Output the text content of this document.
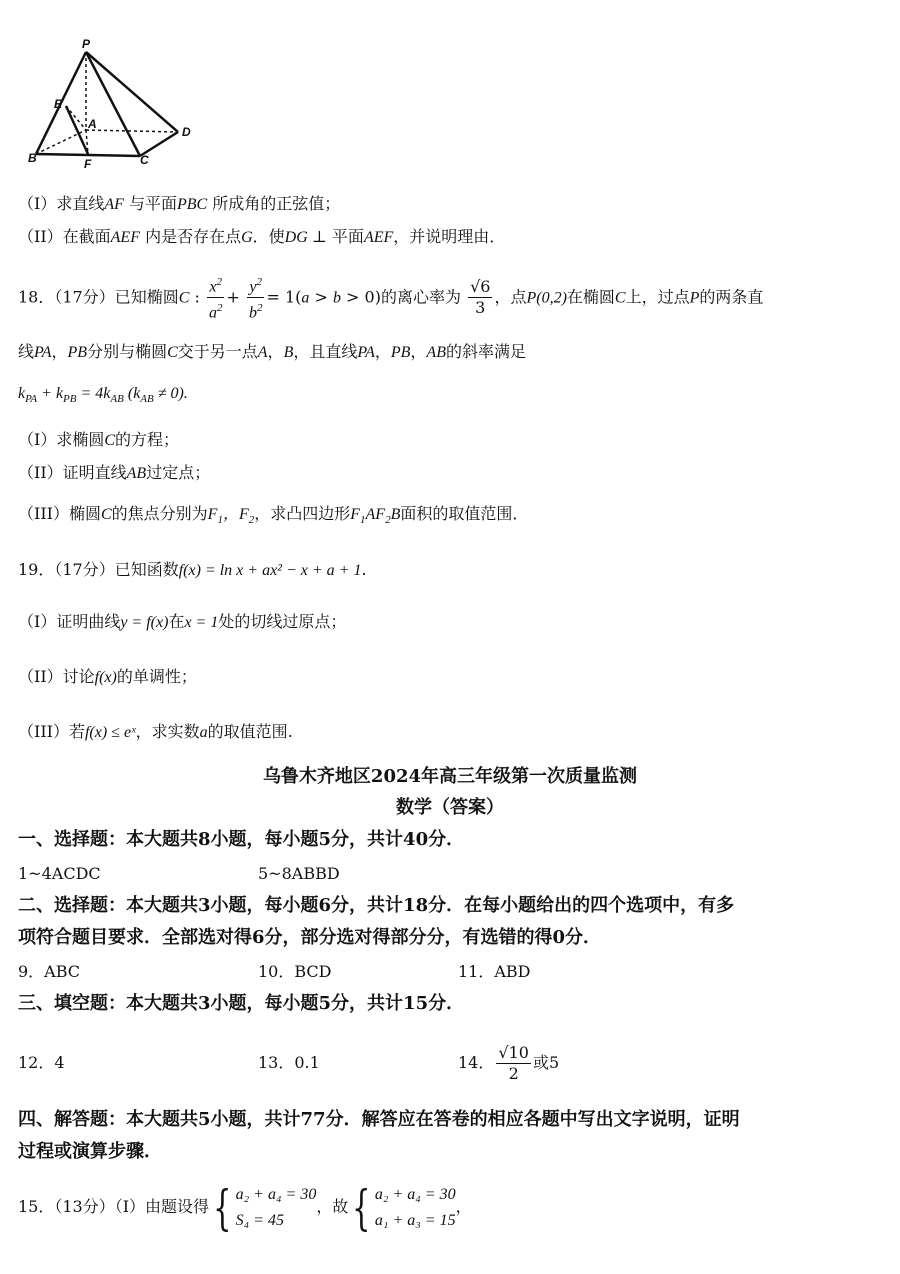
P
E
A
D
B	F	C
（I）求直线AF 与平面PBC 所成角的正弦值；
（II）在截面AEF 内是否存在点G．使DG ⊥ 平面AEF，并说明理由．
18．（17分）已知椭圆C : $\frac{x^2}{a^2} + \frac{y^2}{b^2} = 1(a > b > 0)$的离心率为 $\frac{√6}{3}$ ，点P(0,2)在椭圆C上，过点P的两条直
线PA，PB分别与椭圆C交于另一点A，B，且直线PA，PB，AB的斜率满足
$k_{PA} + k_{PB} = 4k_{AB}$ $(k_{AB} \ne 0)$.
（I）求椭圆C的方程；
（II）证明直线AB过定点；
（III）椭圆C的焦点分别为$F_1$，$F_2$，求凸四边形$F_1AF_2B$面积的取值范围．
19．（17分）已知函数f(x) = ln x + ax² − x + a + 1.
（I）证明曲线y = f(x)在x = 1处的切线过原点；
（II）讨论f(x)的单调性；
（III）若f(x) ≤ eˣ，求实数a的取值范围.
乌鲁木齐地区2024年高三年级第一次质量监测
数学（答案）
一、选择题：本大题共8小题，每小题5分，共计40分．
1~4ACDC	5~8ABBD
二、选择题：本大题共3小题，每小题6分，共计18分．在每小题给出的四个选项中，有多
项符合题目要求．全部选对得6分，部分选对得部分分，有选错的得0分．
9．ABC	10．BCD	11．ABD
三、填空题：本大题共3小题，每小题5分，共计15分．
12．4	13．0.1	14． $\frac{√10}{2}$ 或5
四、解答题：本大题共5小题，共计77分．解答应在答卷的相应各题中写出文字说明，证明
过程或演算步骤．
15．（13分）（I）由题设得{ a₂ + a₄ = 30
S₄ = 45
，故{ a₂ + a₄ = 30
a₁ + a₃ = 15
，
